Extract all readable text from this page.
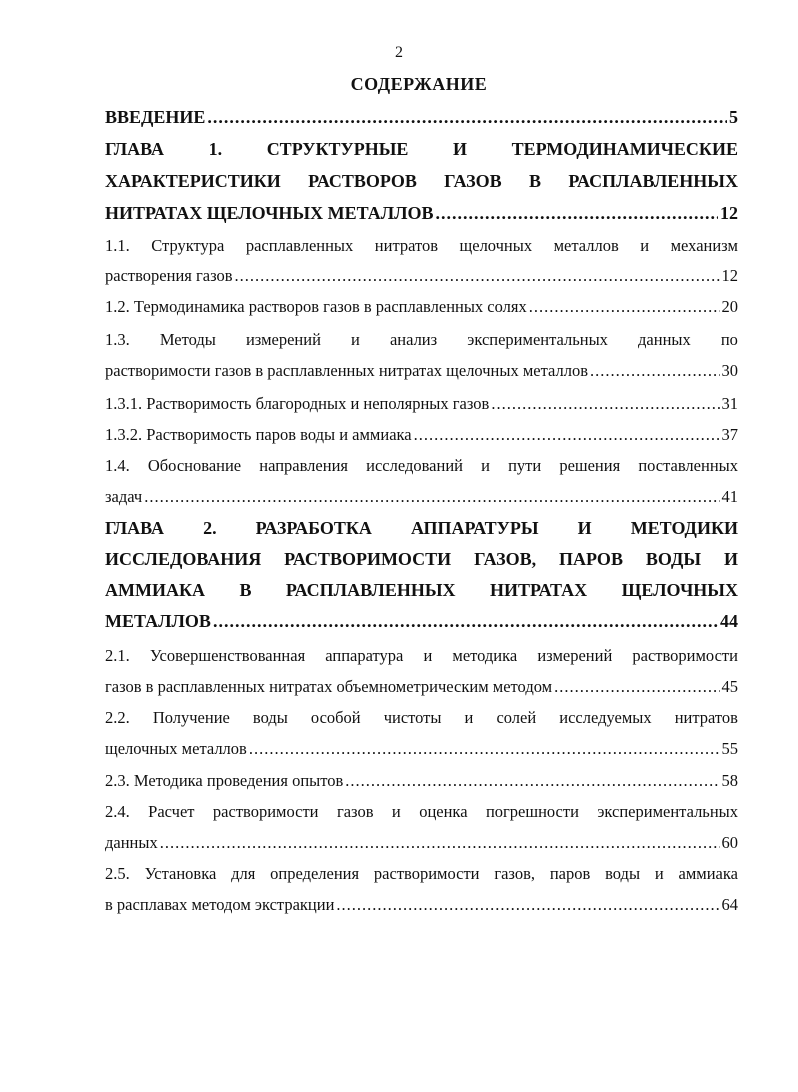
2
СОДЕРЖАНИЕ
ВВЕДЕНИЕ .....	5
ГЛАВА 1. СТРУКТУРНЫЕ И ТЕРМОДИНАМИЧЕСКИЕ
ХАРАКТЕРИСТИКИ РАСТВОРОВ ГАЗОВ В РАСПЛАВЛЕННЫХ
НИТРАТАХ ЩЕЛОЧНЫХ МЕТАЛЛОВ .....	12
1.1. Структура расплавленных нитратов щелочных металлов и механизм
растворения газов .....	12
1.2. Термодинамика растворов газов в расплавленных солях .....	20
1.3. Методы измерений и анализ экспериментальных данных по
растворимости газов в расплавленных нитратах щелочных металлов .....	30
1.3.1. Растворимость благородных и неполярных газов .....	31
1.3.2. Растворимость паров воды и аммиака .....	37
1.4. Обоснование направления исследований и пути решения поставленных
задач .....	41
ГЛАВА 2. РАЗРАБОТКА АППАРАТУРЫ И МЕТОДИКИ
ИССЛЕДОВАНИЯ РАСТВОРИМОСТИ ГАЗОВ, ПАРОВ ВОДЫ И
АММИАКА В РАСПЛАВЛЕННЫХ НИТРАТАХ ЩЕЛОЧНЫХ
МЕТАЛЛОВ .....	44
2.1. Усовершенствованная аппаратура и методика измерений растворимости
газов в расплавленных нитратах объемнометрическим методом .....	45
2.2. Получение воды особой чистоты и солей исследуемых нитратов
щелочных металлов .....	55
2.3. Методика проведения опытов .....	58
2.4. Расчет растворимости газов и оценка погрешности экспериментальных
данных .....	60
2.5. Установка для определения растворимости газов, паров воды и аммиака
в расплавах методом экстракции .....	64
